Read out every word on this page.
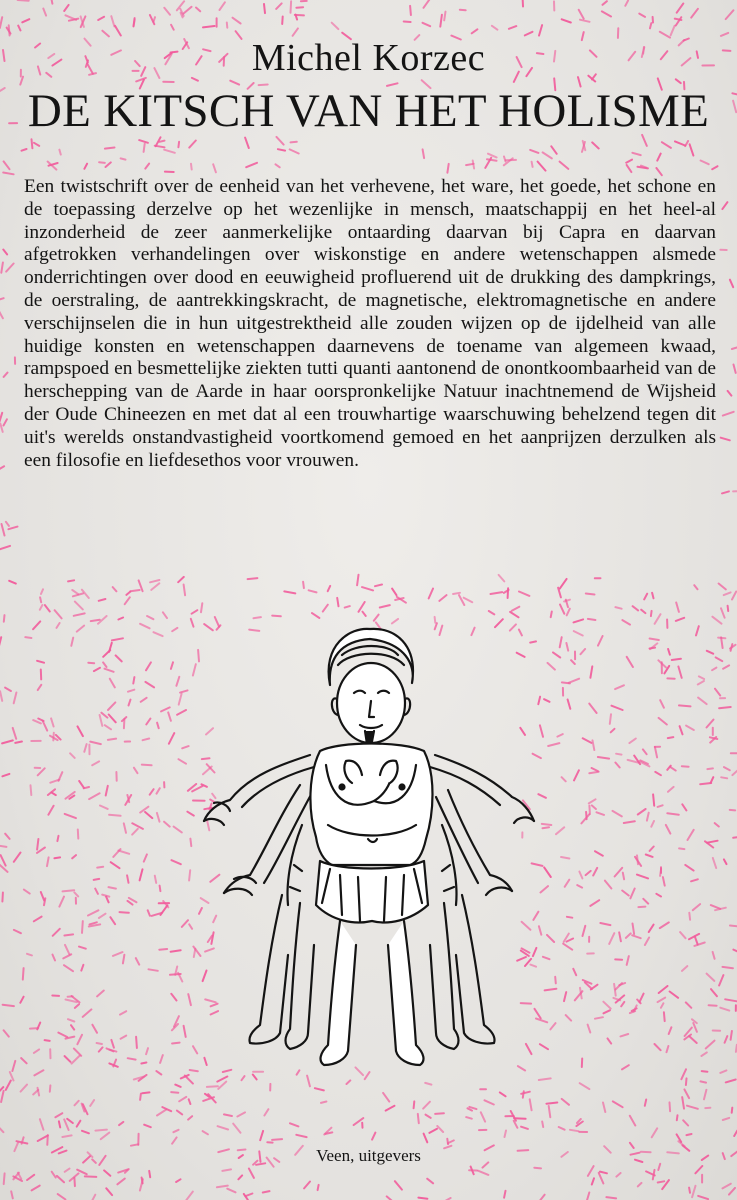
Michel Korzec
DE KITSCH VAN HET HOLISME

Een twistschrift over de eenheid van het verhevene, het ware, het goede, het schone en de toepassing derzelve op het wezenlijke in mensch, maatschappij en het heel-al inzonderheid de zeer aanmerkelijke ontaarding daarvan bij Capra en daarvan afgetrokken verhandelingen over wiskonstige en andere wetenschappen alsmede onderrichtingen over dood en eeuwigheid profluerend uit de drukking des dampkrings, de oerstraling, de aantrekkingskracht, de magnetische, elektromagnetische en andere verschijnselen die in hun uitgestrektheid alle zouden wijzen op de ijdelheid van alle huidige konsten en wetenschappen daarnevens de toename van algemeen kwaad, rampspoed en besmettelijke ziekten tutti quanti aantonend de onontkoombaarheid van de herschepping van de Aarde in haar oorspronkelijke Natuur inachtnemend de Wijsheid der Oude Chineezen en met dat al een trouwhartige waarschuwing behelzend tegen dit uit's werelds onstandvastigheid voortkomend gemoed en het aanprijzen derzulken als een filosofie en liefdesethos voor vrouwen.

Veen, uitgevers
